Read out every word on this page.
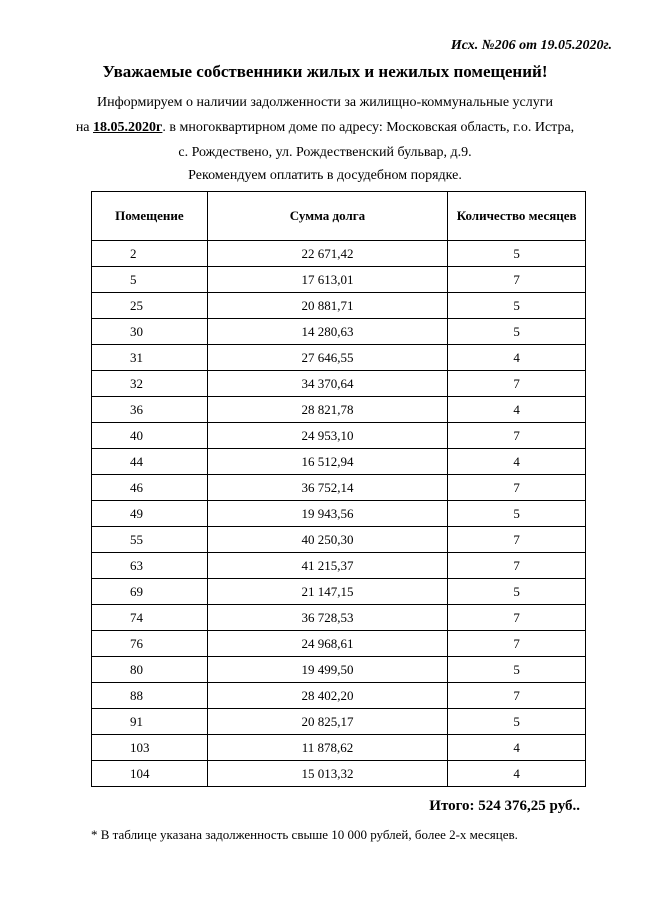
Исх. №206 от 19.05.2020г.
Уважаемые собственники жилых и нежилых помещений!
Информируем о наличии задолженности за жилищно-коммунальные услуги
на 18.05.2020г. в многоквартирном доме по адресу: Московская область, г.о. Истра,
с. Рождествено, ул. Рождественский бульвар, д.9.
Рекомендуем оплатить в досудебном порядке.
Помещение	Сумма долга	Количество месяцев
2	22 671,42	5
5	17 613,01	7
25	20 881,71	5
30	14 280,63	5
31	27 646,55	4
32	34 370,64	7
36	28 821,78	4
40	24 953,10	7
44	16 512,94	4
46	36 752,14	7
49	19 943,56	5
55	40 250,30	7
63	41 215,37	7
69	21 147,15	5
74	36 728,53	7
76	24 968,61	7
80	19 499,50	5
88	28 402,20	7
91	20 825,17	5
103	11 878,62	4
104	15 013,32	4
Итого: 524 376,25 руб..
* В таблице указана задолженность свыше 10 000 рублей, более 2-х месяцев.
